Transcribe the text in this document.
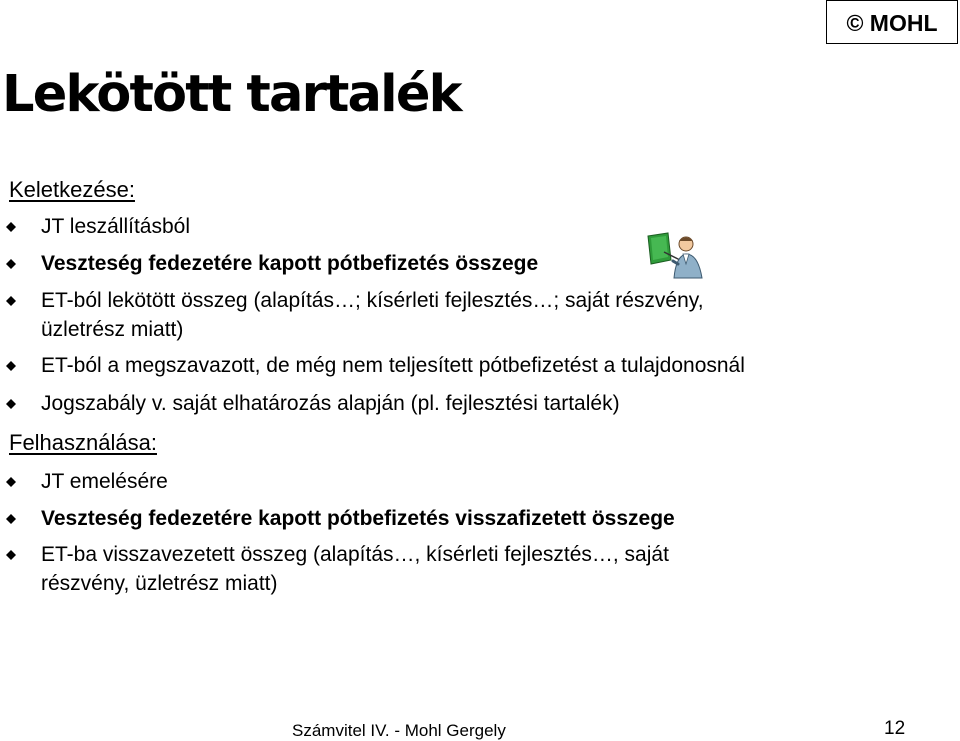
© MOHL
Lekötött tartalék
Keletkezése:
JT leszállításból
Veszteség fedezetére kapott pótbefizetés összege
ET-ból lekötött összeg (alapítás…; kísérleti fejlesztés…; saját részvény,
üzletrész miatt)
ET-ból a megszavazott, de még nem teljesített pótbefizetést a tulajdonosnál
Jogszabály v. saját elhatározás alapján (pl. fejlesztési tartalék)
Felhasználása:
JT emelésére
Veszteség fedezetére kapott pótbefizetés visszafizetett összege
ET-ba visszavezetett összeg (alapítás…, kísérleti fejlesztés…, saját
részvény, üzletrész miatt)
Számvitel IV. - Mohl Gergely	12
